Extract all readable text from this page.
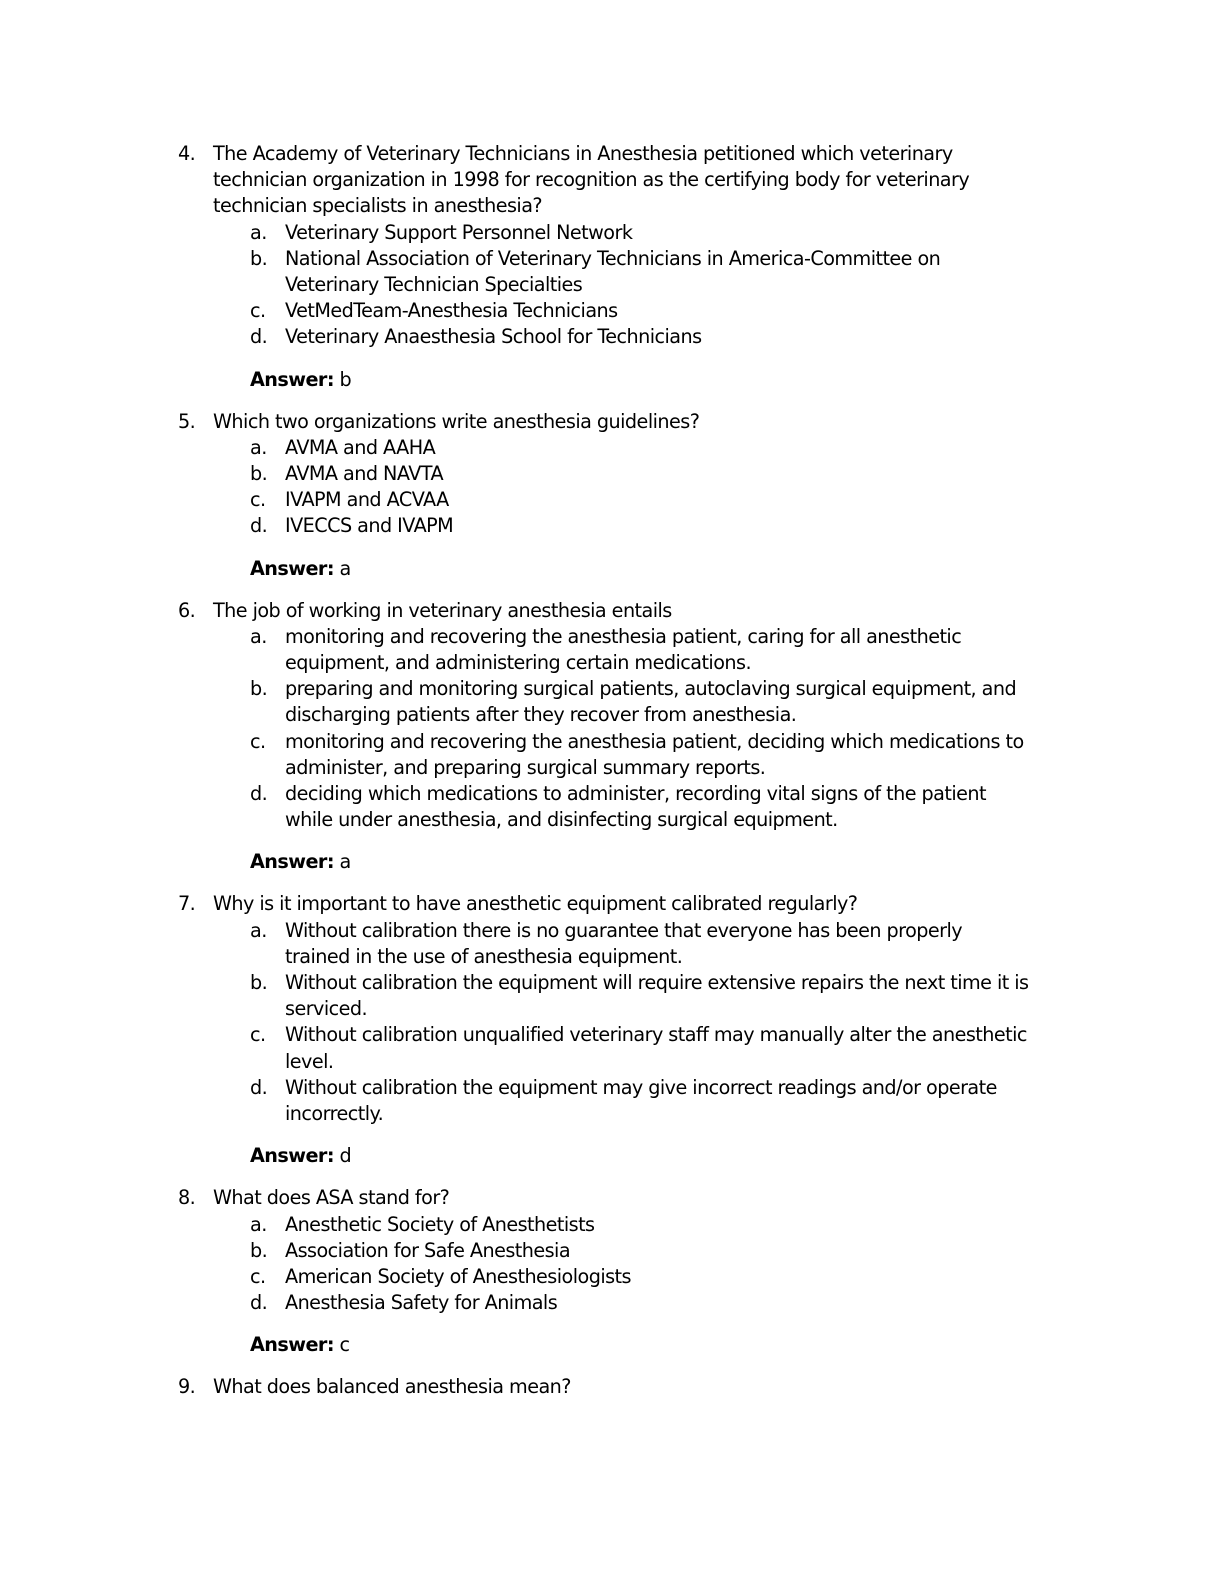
4. The Academy of Veterinary Technicians in Anesthesia petitioned which veterinary technician organization in 1998 for recognition as the certifying body for veterinary technician specialists in anesthesia?
a. Veterinary Support Personnel Network
b. National Association of Veterinary Technicians in America-Committee on Veterinary Technician Specialties
c. VetMedTeam-Anesthesia Technicians
d. Veterinary Anaesthesia School for Technicians
Answer: b
5. Which two organizations write anesthesia guidelines?
a. AVMA and AAHA
b. AVMA and NAVTA
c. IVAPM and ACVAA
d. IVECCS and IVAPM
Answer: a
6. The job of working in veterinary anesthesia entails
a. monitoring and recovering the anesthesia patient, caring for all anesthetic equipment, and administering certain medications.
b. preparing and monitoring surgical patients, autoclaving surgical equipment, and discharging patients after they recover from anesthesia.
c. monitoring and recovering the anesthesia patient, deciding which medications to administer, and preparing surgical summary reports.
d. deciding which medications to administer, recording vital signs of the patient while under anesthesia, and disinfecting surgical equipment.
Answer: a
7. Why is it important to have anesthetic equipment calibrated regularly?
a. Without calibration there is no guarantee that everyone has been properly trained in the use of anesthesia equipment.
b. Without calibration the equipment will require extensive repairs the next time it is serviced.
c. Without calibration unqualified veterinary staff may manually alter the anesthetic level.
d. Without calibration the equipment may give incorrect readings and/or operate incorrectly.
Answer: d
8. What does ASA stand for?
a. Anesthetic Society of Anesthetists
b. Association for Safe Anesthesia
c. American Society of Anesthesiologists
d. Anesthesia Safety for Animals
Answer: c
9. What does balanced anesthesia mean?
